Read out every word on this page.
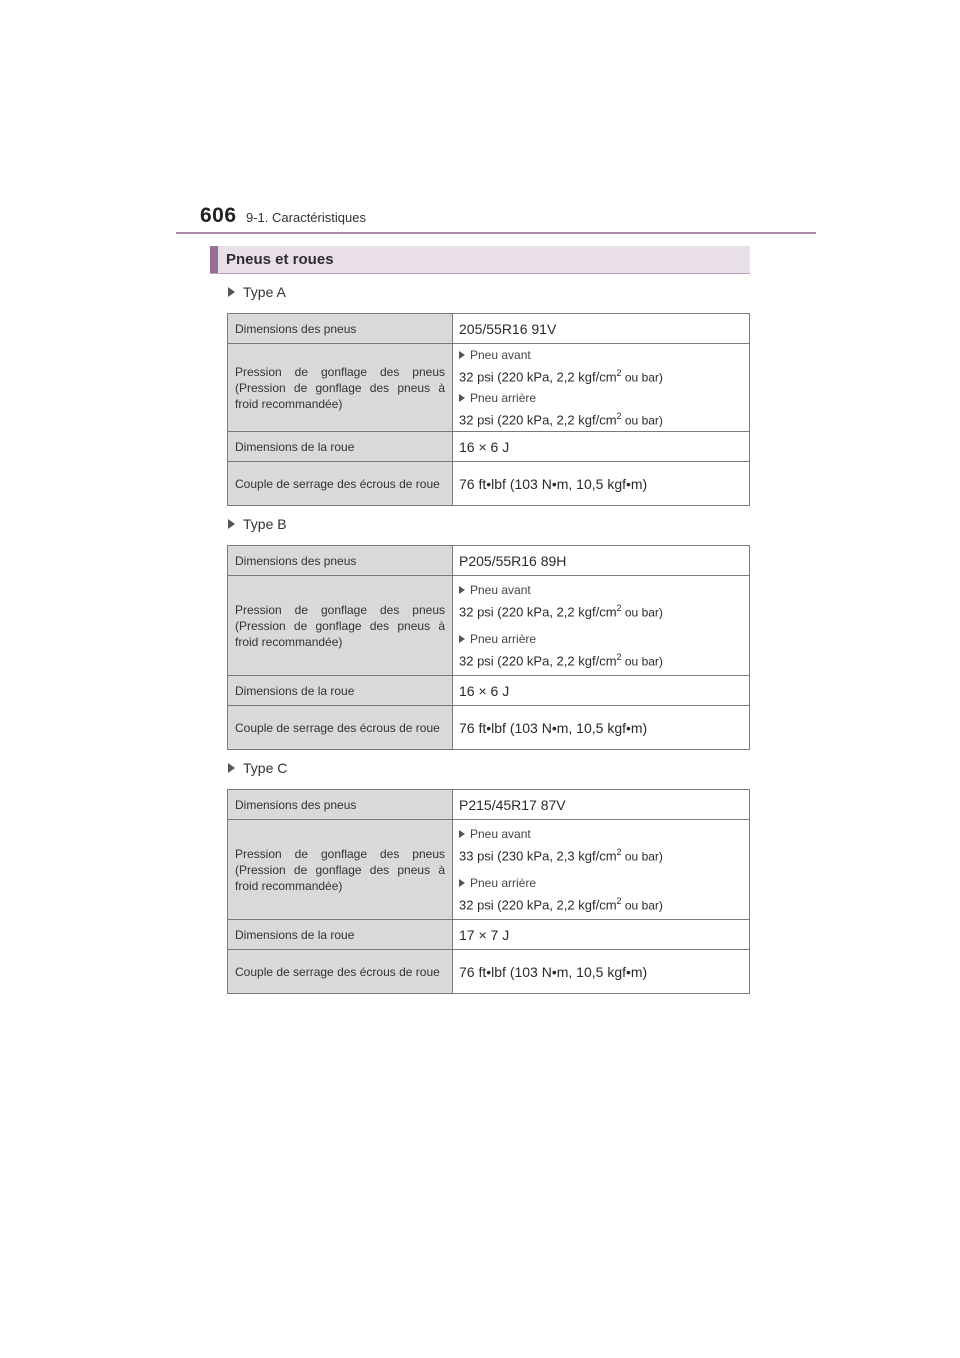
606 9-1. Caractéristiques
Pneus et roues
Type A
Dimensions des pneus	205/55R16 91V
Pression de gonflage des pneus (Pression de gonflage des pneus à froid recommandée)	Pneu avant
32 psi (220 kPa, 2,2 kgf/$cm^2$ ou bar)
Pneu arrière
32 psi (220 kPa, 2,2 kgf/$cm^2$ ou bar)

Dimensions de la roue	16 × 6 J
Couple de serrage des écrous de roue	76 ft•lbf (103 N•m, 10,5 kgf•m)
Type B
Dimensions des pneus	P205/55R16 89H
Pression de gonflage des pneus (Pression de gonflage des pneus à froid recommandée)	Pneu avant
32 psi (220 kPa, 2,2 kgf/$cm^2$ ou bar)
Pneu arrière
32 psi (220 kPa, 2,2 kgf/$cm^2$ ou bar)

Dimensions de la roue	16 × 6 J
Couple de serrage des écrous de roue	76 ft•lbf (103 N•m, 10,5 kgf•m)
Type C
Dimensions des pneus	P215/45R17 87V
Pression de gonflage des pneus (Pression de gonflage des pneus à froid recommandée)	Pneu avant
33 psi (230 kPa, 2,3 kgf/$cm^2$ ou bar)
Pneu arrière
32 psi (220 kPa, 2,2 kgf/$cm^2$ ou bar)

Dimensions de la roue	17 × 7 J
Couple de serrage des écrous de roue	76 ft•lbf (103 N•m, 10,5 kgf•m)
